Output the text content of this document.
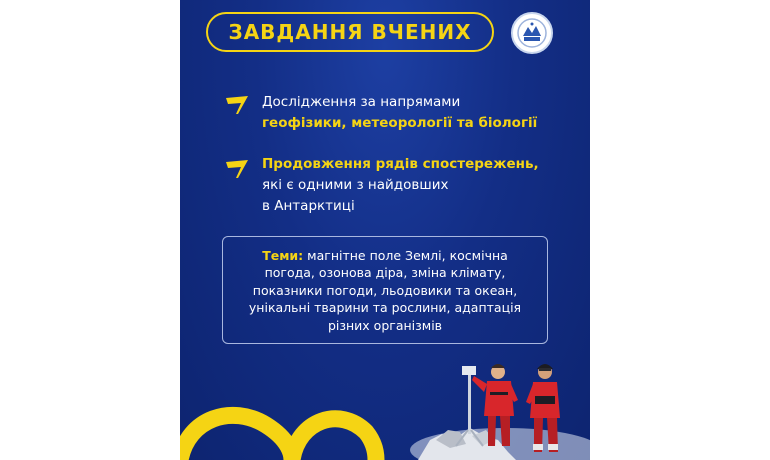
ЗАВДАННЯ ВЧЕНИХ
Дослідження за напрямами
геофізики, метеорології та біології
Продовження рядів спостережень,
які є одними з найдовших
в Антарктиці
Теми: магнітне поле Землі, космічна
погода, озонова діра, зміна клімату,
показники погоди, льодовики та океан,
унікальні тварини та рослини, адаптація
різних організмів
